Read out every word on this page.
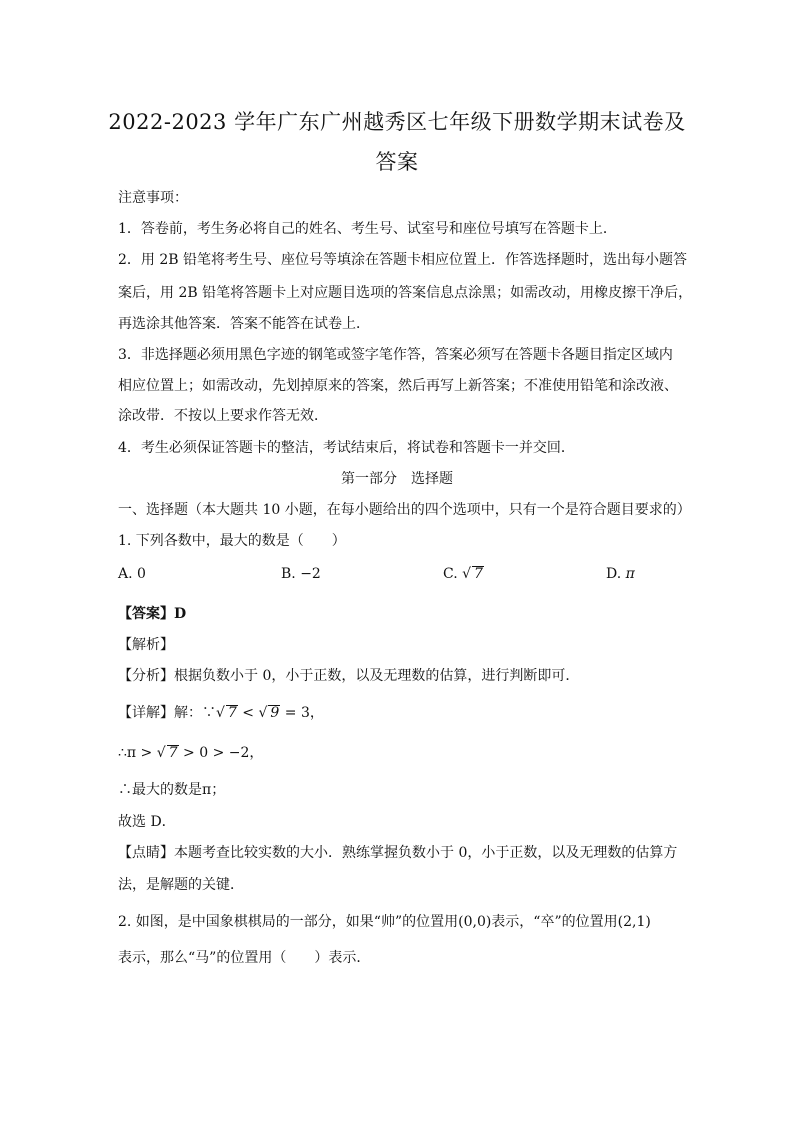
2022-2023 学年广东广州越秀区七年级下册数学期末试卷及
答案
注意事项：
1．答卷前，考生务必将自己的姓名、考生号、试室号和座位号填写在答题卡上．
2．用 2B 铅笔将考生号、座位号等填涂在答题卡相应位置上．作答选择题时，选出每小题答
案后，用 2B 铅笔将答题卡上对应题目选项的答案信息点涂黑；如需改动，用橡皮擦干净后，
再选涂其他答案．答案不能答在试卷上．
3．非选择题必须用黑色字迹的钢笔或签字笔作答，答案必须写在答题卡各题目指定区域内
相应位置上；如需改动，先划掉原来的答案，然后再写上新答案；不准使用铅笔和涂改液、
涂改带．不按以上要求作答无效．
4．考生必须保证答题卡的整洁，考试结束后，将试卷和答题卡一并交回．
第一部分　选择题
一、选择题（本大题共 10 小题，在每小题给出的四个选项中，只有一个是符合题目要求的）
1. 下列各数中，最大的数是（　　）
A. 0	B. −2	C. √ 7	D. π
【答案】D
【解析】
【分析】根据负数小于 0，小于正数，以及无理数的估算，进行判断即可．
【详解】解：∵√ 7 < √ 9 = 3，
∴π > √ 7 > 0 > −2，
∴最大的数是π；
故选 D．
【点睛】本题考查比较实数的大小．熟练掌握负数小于 0，小于正数，以及无理数的估算方
法，是解题的关键．
2. 如图，是中国象棋棋局的一部分，如果“帅”的位置用(0,0)表示，“卒”的位置用(2,1)
表示，那么“马”的位置用（　　）表示．
